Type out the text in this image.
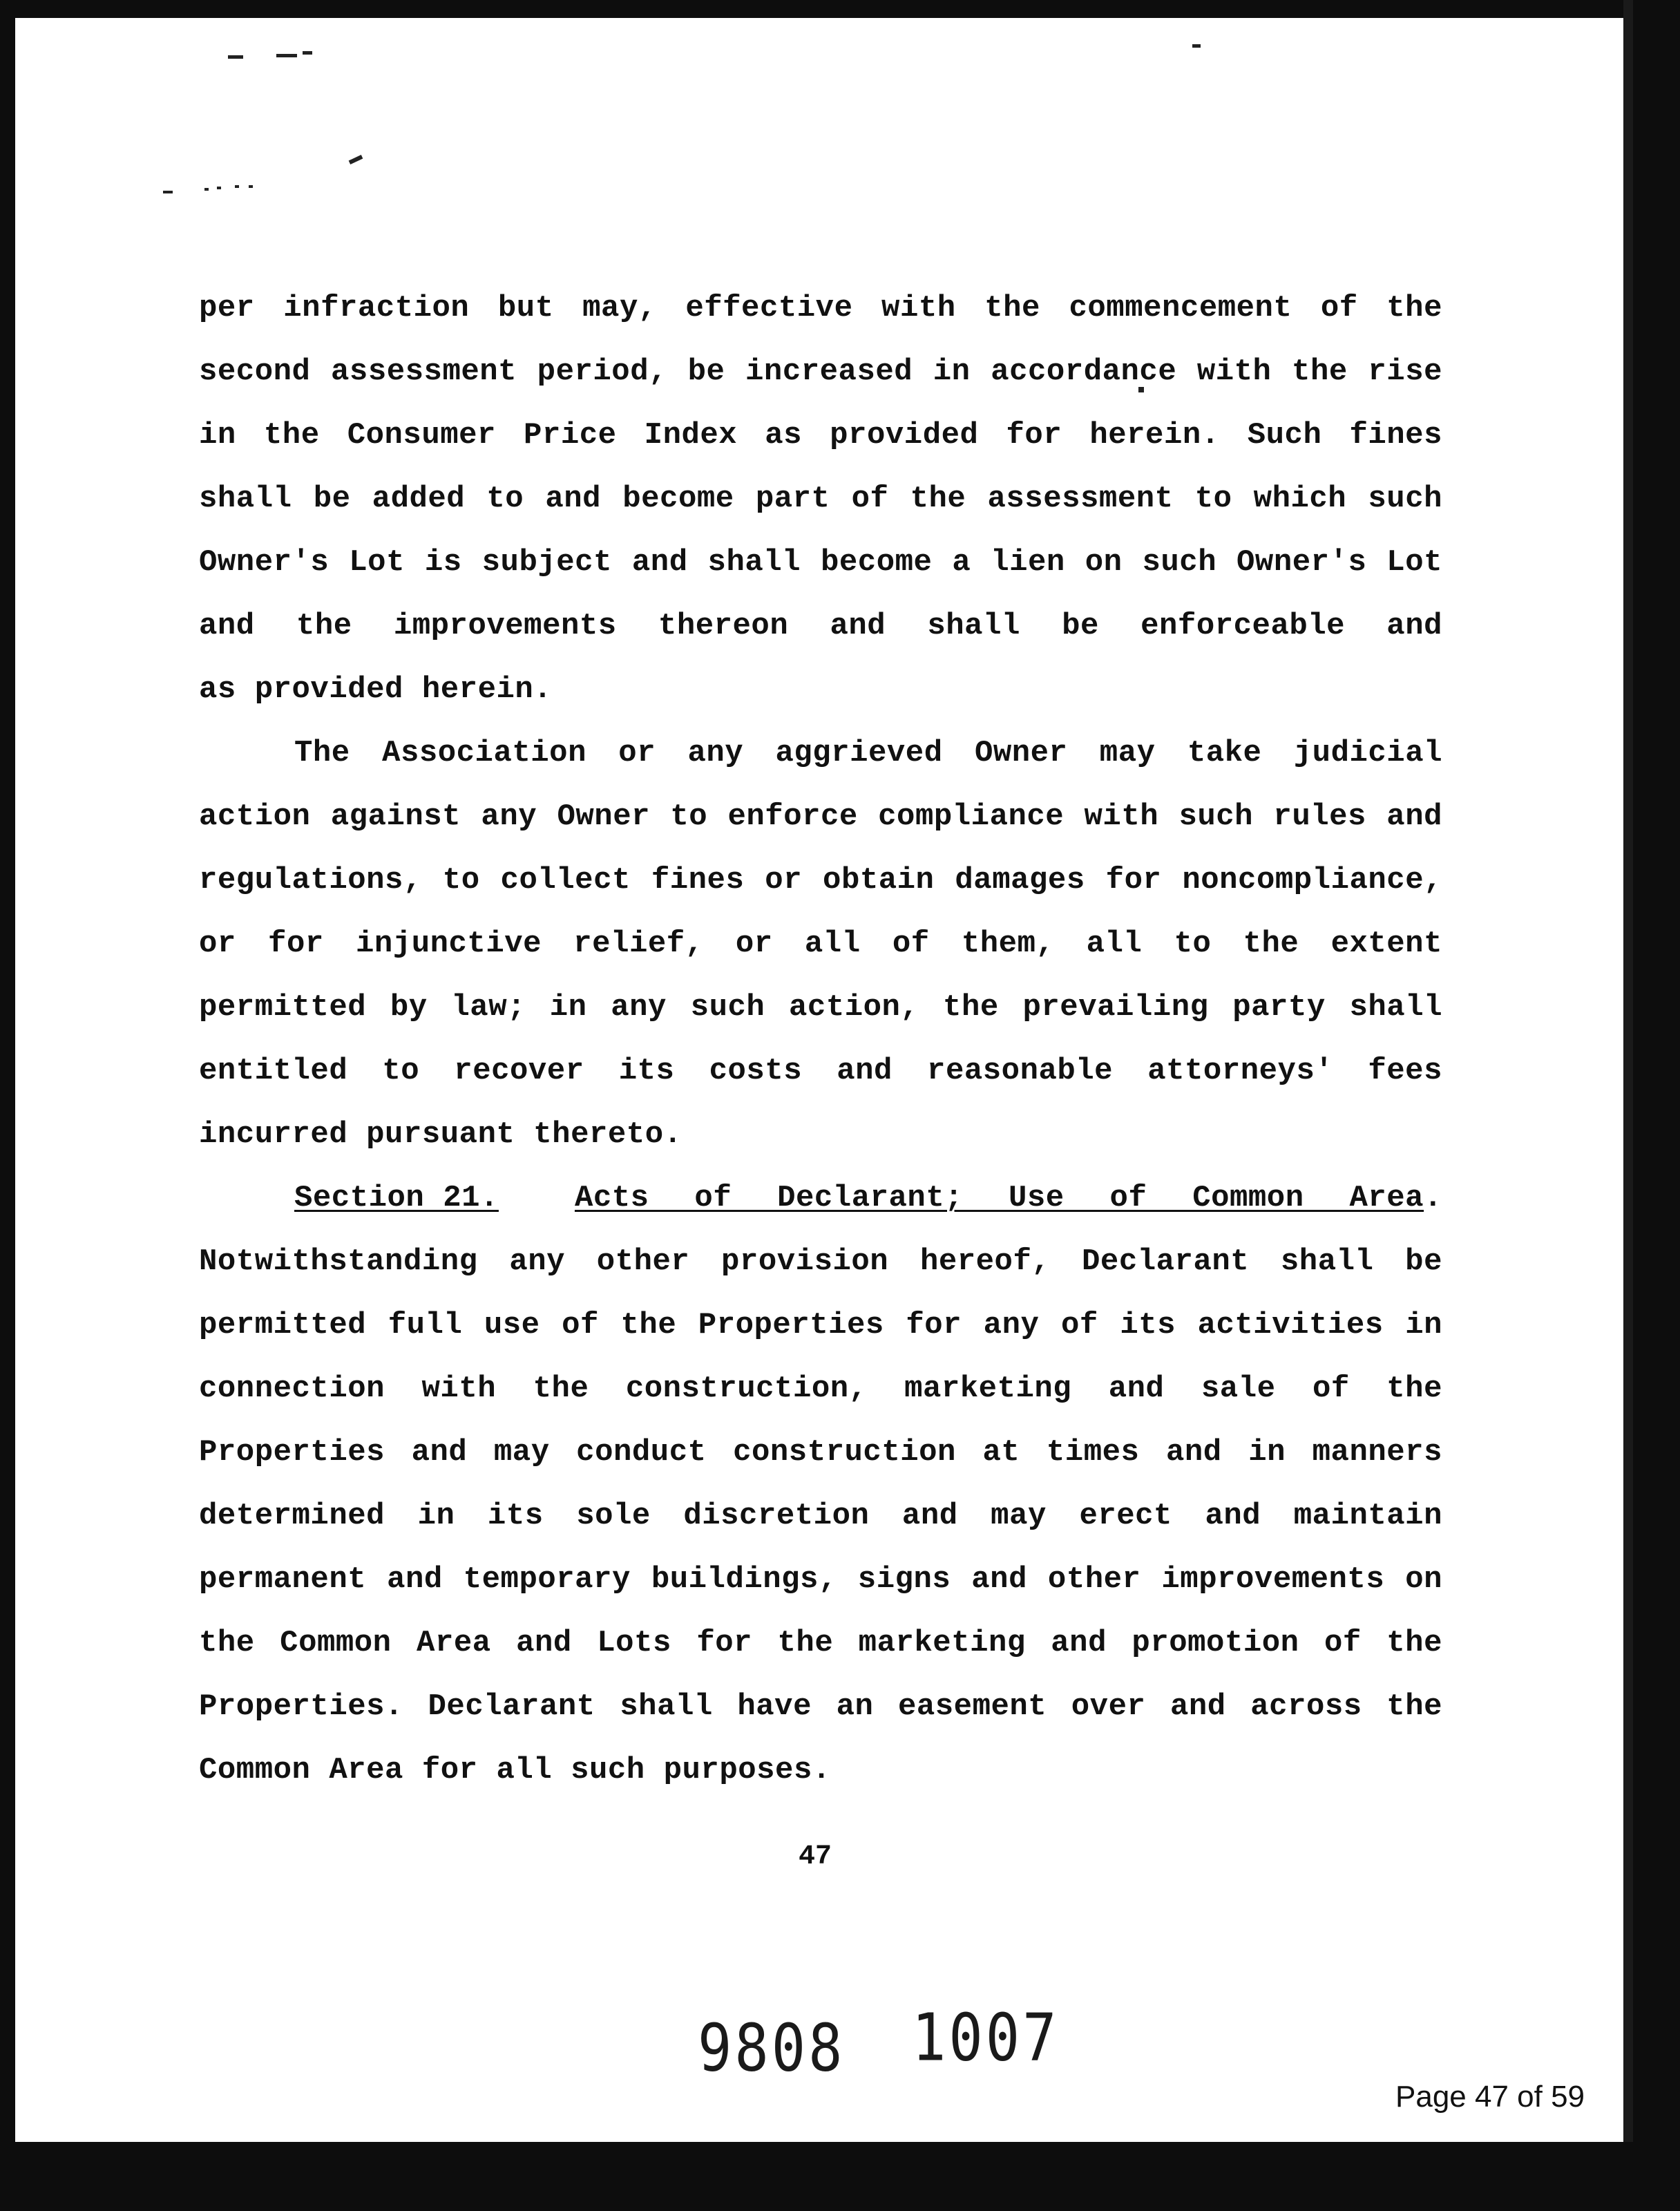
per infraction but may, effective with the commencement of the
second assessment period, be increased in accordance with the rise
in the Consumer Price Index as provided for herein. Such fines
shall be added to and become part of the assessment to which such
Owner's Lot is subject and shall become a lien on such Owner's Lot
and the improvements thereon and shall be enforceable and
as provided herein.
The Association or any aggrieved Owner may take judicial
action against any Owner to enforce compliance with such rules and
regulations, to collect fines or obtain damages for noncompliance,
or for injunctive relief, or all of them, all to the extent
permitted by law; in any such action, the prevailing party shall
entitled to recover its costs and reasonable attorneys' fees
incurred pursuant thereto.
Section 21.	Acts of Declarant; Use of Common Area .
Notwithstanding any other provision hereof, Declarant shall be
permitted full use of the Properties for any of its activities in
connection with the construction, marketing and sale of the
Properties and may conduct construction at times and in manners
determined in its sole discretion and may erect and maintain
permanent and temporary buildings, signs and other improvements on
the Common Area and Lots for the marketing and promotion of the
Properties. Declarant shall have an easement over and across the
Common Area for all such purposes.
47
9808 1007
Page 47 of 59
